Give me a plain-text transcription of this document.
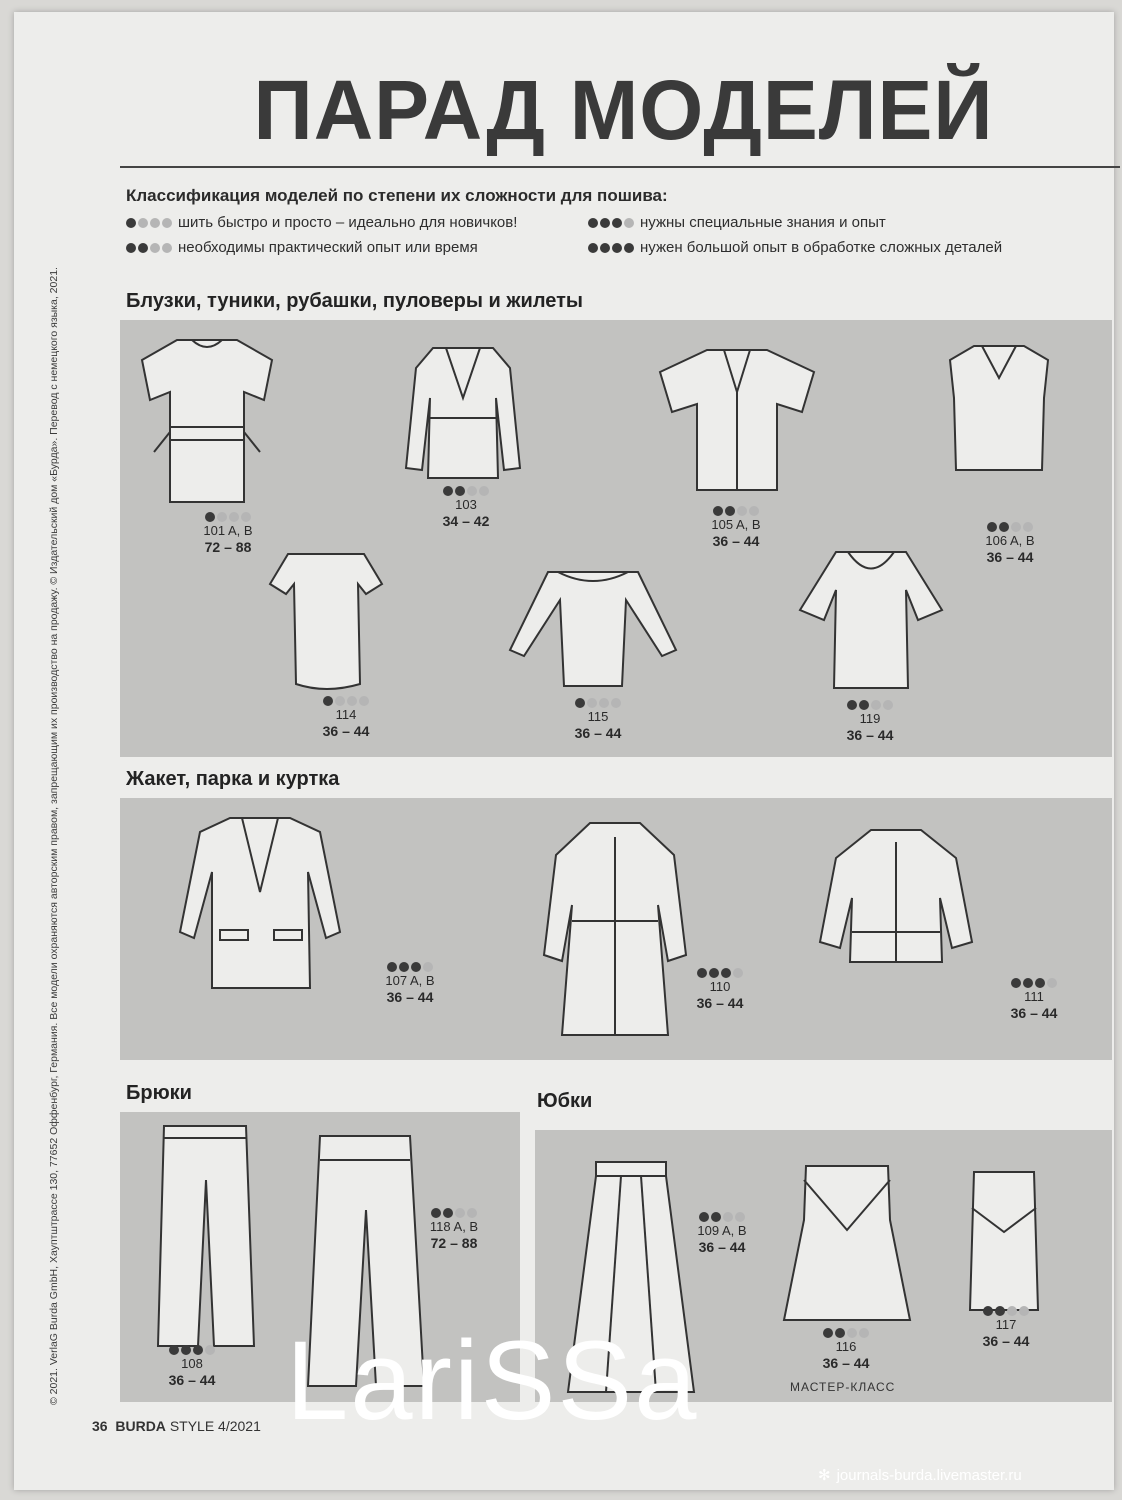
ПАРАД МОДЕЛЕЙ
Классификация моделей по степени их сложности для пошива:
шить быстро и просто – идеально для новичков!
необходимы практический опыт или время
нужны специальные знания и опыт
нужен большой опыт в обработке сложных деталей
© 2021. VerlaG Burda GmbH, Хауптштрассе 130, 77652 Оффенбург, Германия. Все модели охраняются авторским правом, запрещающим их производство на продажу. © Издательский дом «Бурда». Перевод с немецкого языка, 2021.	Блузки, туники, рубашки, пуловеры и жилеты
101 A, B
72 – 88
103
34 – 42	105 A, B
36 – 44	106 A, B
36 – 44
114
36 – 44
115
36 – 44
119
36 – 44
Жакет, парка и куртка
107 A, B
36 – 44
110
36 – 44	111
36 – 44
Брюки	Юбки
108
36 – 44
118 A, B
72 – 88
109 A, B
36 – 44
116
36 – 44
117
36 – 44
МАСТЕР-КЛАСС
36 BURDA STYLE 4/2021 LariSSa
✻ journals-burda.livemaster.ru
